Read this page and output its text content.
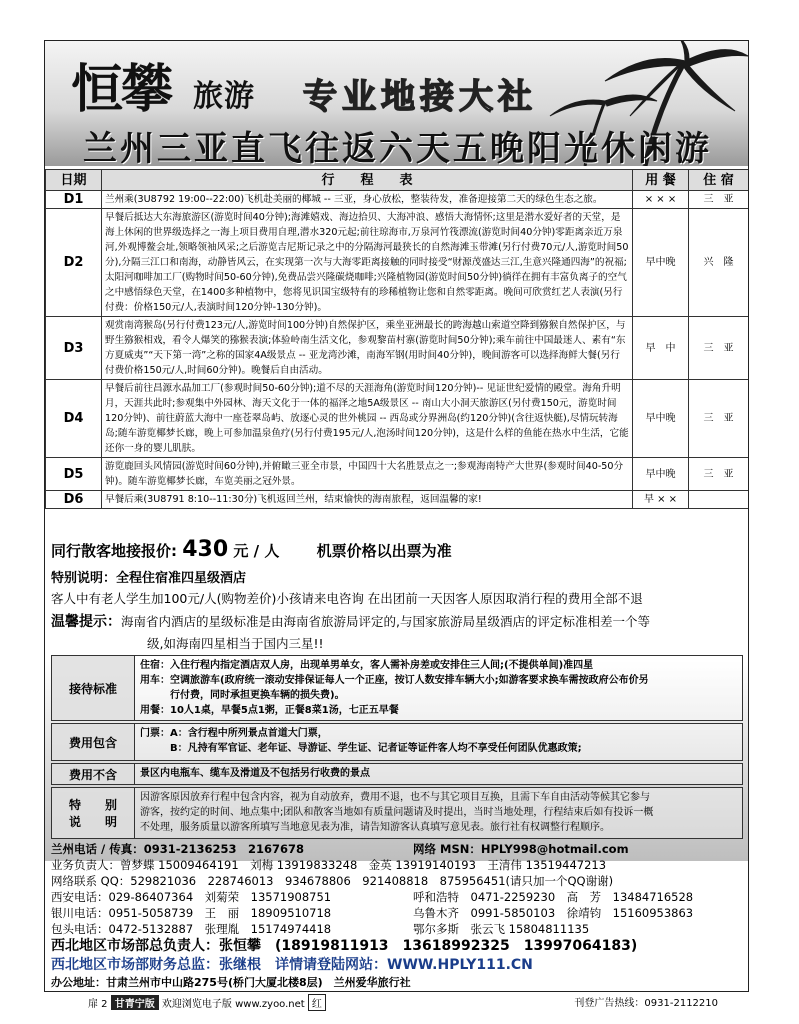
恒攀 旅游 专业地接大社
兰州三亚直飞往返六天五晚阳光休闲游
日期	行　　程　　表	用 餐	住 宿
D1	兰州乘(3U8792 19:00--22:00)飞机赴美丽的椰城 -- 三亚，身心放松，整装待发，准备迎接第二天的绿色生态之旅。	× × ×	三　亚
D2	早餐后抵达大东海旅游区(游览时间40分钟);海滩嬉戏、海边拾贝、大海冲浪、感悟大海情怀;这里是潜水爱好者的天堂，是海上休闲的世界级选择之一海上项目费用自理,潜水320元起;前往琼海市,万泉河竹筏漂流(游览时间40分钟)零距离亲近万泉河,外观博鳌会址,领略领袖风采;之后游览吉尼斯记录之中的分隔海河最狭长的自然海滩玉带滩(另行付费70元/人,游览时间50分),分隔三江口和南海，动静皆风云，在实现第一次与大海零距离接触的同时接受“财源茂盛达三江,生意兴隆通四海”的祝福;太阳河咖啡加工厂(购物时间50-60分钟),免费品尝兴隆碳烧咖啡;兴隆植物园(游览时间50分钟)徜徉在拥有丰富负离子的空气之中感悟绿色天堂，在1400多种植物中，您将见识国宝级特有的珍稀植物让您和自然零距离。晚间可欣赏红艺人表演(另行付费：价格150元/人,表演时间120分钟-130分钟)。	早中晚	兴　隆
D3	观赏南湾猴岛(另行付费123元/人,游览时间100分钟)自然保护区，乘坐亚洲最长的跨海越山索道空降到猕猴自然保护区，与野生猕猴相戏，看令人爆笑的猕猴表演;体验岭南生活文化，参观黎苗村寨(游览时间50分钟);乘车前往中国最迷人、素有“东方夏威夷”“天下第一湾”之称的国家4A级景点 -- 亚龙湾沙滩，南海军钢(用时间40分钟)，晚间游客可以选择海鲜大餐(另行付费价格150元/人,时间60分钟)。晚餐后自由活动。	早　中	三　亚
D4	早餐后前往昌源水晶加工厂(参观时间50-60分钟);道不尽的天涯海角(游览时间120分钟)-- 见证世纪爱情的殿堂。海角升明月，天涯共此时;参观集中外园林、海天文化于一体的福泽之地5A级景区 -- 南山大小洞天旅游区(另付费150元，游览时间120分钟)、前往蔚蓝大海中一座苍翠岛屿、放逐心灵的世外桃园 -- 西岛或分界洲岛(约120分钟)(含往返快艇),尽情玩转海岛;随车游览椰梦长廊，晚上可参加温泉鱼疗(另行付费195元/人,泡汤时间120分钟)，这是什么样的鱼能在热水中生活，它能还你一身的婴儿肌肤。	早中晚	三　亚
D5	游览鹿回头风情园(游览时间60分钟),并俯瞰三亚全市景，中国四十大名胜景点之一;参观海南特产大世界(参观时间40-50分钟)。随车游览椰梦长廊，车览美丽之冠外景。	早中晚	三　亚
D6	早餐后乘(3U8791 8:10--11:30分)飞机返回兰州，结束愉快的海南旅程，返回温馨的家!	早 × ×	
同行散客地接报价: 430 元 / 人 机票价格以出票为准
特别说明：全程住宿准四星级酒店
客人中有老人学生加100元/人(购物差价)小孩请来电咨询 在出团前一天因客人原因取消行程的费用全部不退
温馨提示：海南省内酒店的星级标准是由海南省旅游局评定的,与国家旅游局星级酒店的评定标准相差一个等
级,如海南四星相当于国内三星!!
接待标准
住宿：入住行程内指定酒店双人房，出现单男单女，客人需补房差或安排住三人间;(不提供单间)准四星
用车：空调旅游车(政府统一滚动安排保证每人一个正座，按订人数安排车辆大小;如游客要求换车需按政府公布价另
　　　行付费，同时承担更换车辆的损失费)。
用餐：10人1桌，早餐5点1粥，正餐8菜1汤，七正五早餐
费用包含
门票：A：含行程中所列景点首道大门票，
　　　B：凡持有军官证、老年证、导游证、学生证、记者证等证件客人均不享受任何团队优惠政策;
费用不含	景区内电瓶车、缆车及滑道及不包括另行收费的景点
特　　别
说　　明
因游客原因放弃行程中包含内容，视为自动放弃，费用不退，也不与其它项目互换，且需下车自由活动等候其它参与
游客，按约定的时间、地点集中;团队和散客当地如有质量问题请及时提出，当时当地处理，行程结束后如有投诉一概
不处理，服务质量以游客所填写当地意见表为准，请告知游客认真填写意见表。旅行社有权调整行程顺序。
兰州电话 / 传真：0931-2136253　2167678	网络 MSN：HPLY998@hotmail.com
业务负责人：曾梦蝶 15009464191　刘梅 13919833248　金英 13919140193　王清伟 13519447213
网络联系 QQ：529821036　228746013　934678806　921408818　875956451(请只加一个QQ谢谢)
西安电话：029-86407364　刘菊荣　13571908751	呼和浩特　0471-2259230　高　芳　13484716528
银川电话：0951-5058739　王　丽　18909510718	乌鲁木齐　0991-5850103　徐靖钧　15160953863
包头电话：0472-5132887　张理胤　15174974418	鄂尔多斯　张云飞 15804811135
西北地区市场部总负责人：张恒攀　(18919811913　13618992325　13997064183)
西北地区市场部财务总监：张继根　详情请登陆网站：WWW.HPLY111.CN
办公地址：甘肃兰州市中山路275号(桥门大厦北楼8层)　兰州爱华旅行社
扉 2 甘青宁版 欢迎浏览电子版 www.zyoo.net 红	刊登广告热线：0931-2112210
